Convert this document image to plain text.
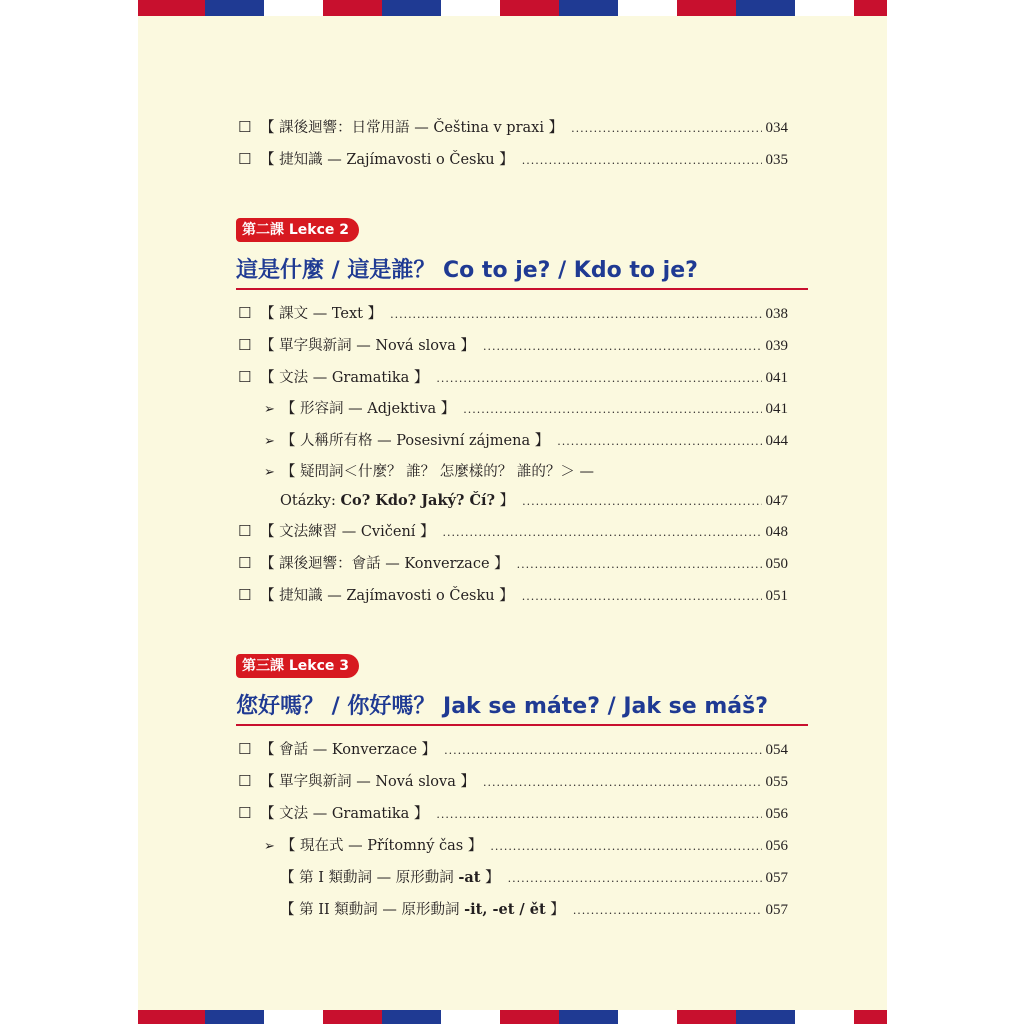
☐ 【 課後迴響：日常用語 — Čeština v praxi 】 .....	034
☐ 【 捷知識 — Zajímavosti o Česku 】 .....	035
第二課 Lekce 2
這是什麼 / 這是誰？ Co to je? / Kdo to je?
☐ 【 課文 — Text 】 .....	038
☐ 【 單字與新詞 — Nová slova 】 .....	039
☐ 【 文法 — Gramatika 】 .....	041
➢ 【 形容詞 — Adjektiva 】 .....	041
➢ 【 人稱所有格 — Posesivní zájmena 】 .....	044
➢ 【 疑問詞＜什麼？ 誰？ 怎麼樣的？ 誰的？＞ —
Otázky: Co? Kdo? Jaký? Čí? 】 .....	047
☐ 【 文法練習 — Cvičení 】 .....	048
☐ 【 課後迴響：會話 — Konverzace 】 .....	050
☐ 【 捷知識 — Zajímavosti o Česku 】 .....	051
第三課 Lekce 3
您好嗎？ / 你好嗎？ Jak se máte? / Jak se máš?
☐ 【 會話 — Konverzace 】 .....	054
☐ 【 單字與新詞 — Nová slova 】 .....	055
☐ 【 文法 — Gramatika 】 .....	056
➢ 【 現在式 — Přítomný čas 】 .....	056
【 第 I 類動詞 — 原形動詞 -at 】 .....	057
【 第 II 類動詞 — 原形動詞 -it, -et / ět 】 .....	057
